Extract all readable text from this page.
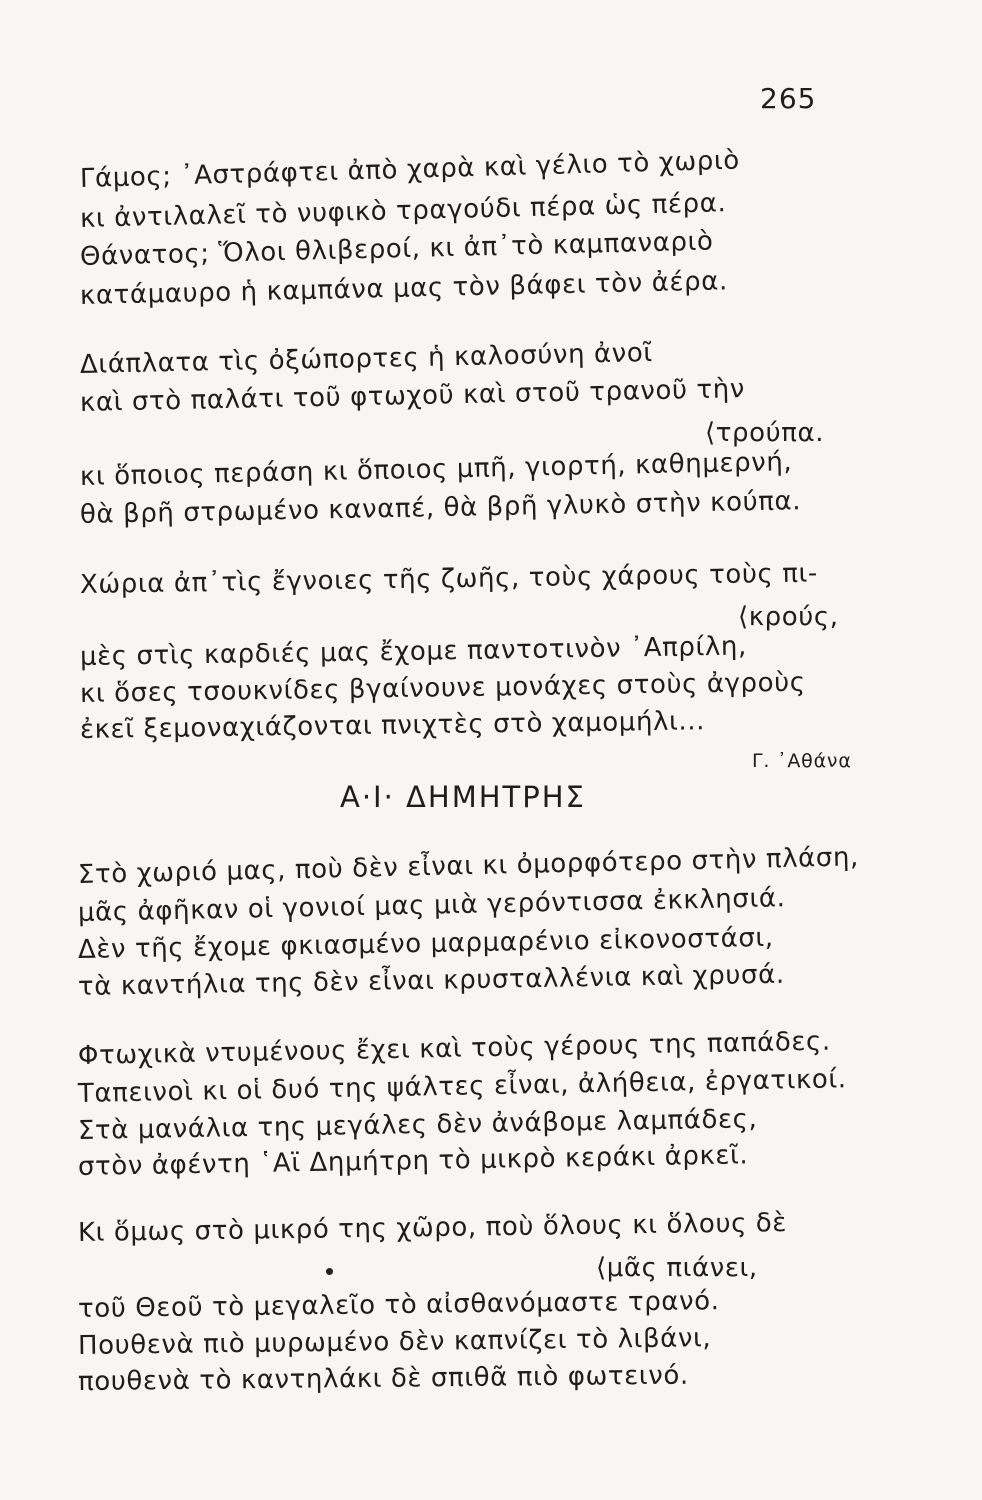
265
Γάμος; ᾿Αστράφτει ἀπὸ χαρὰ καὶ γέλιο τὸ χωριὸ
κι ἀντιλαλεῖ τὸ νυφικὸ τραγούδι πέρα ὡς πέρα.
Θάνατος; Ὅλοι θλιβεροί, κι ἀπ᾿τὸ καμπαναριὸ
κατάμαυρο ἡ καμπάνα μας τὸν βάφει τὸν ἀέρα.
Διάπλατα τὶς ὀξώπορτες ἡ καλοσύνη ἀνοῖ
καὶ στὸ παλάτι τοῦ φτωχοῦ καὶ στοῦ τρανοῦ τὴν
⟨τρούπα.
κι ὅποιος περάση κι ὅποιος μπῆ, γιορτή, καθημερνή,
θὰ βρῆ στρωμένο καναπέ, θὰ βρῆ γλυκὸ στὴν κούπα.
Χώρια ἀπ᾿τὶς ἔγνοιες τῆς ζωῆς, τοὺς χάρους τοὺς πι-
⟨κρούς,
μὲς στὶς καρδιές μας ἔχομε παντοτινὸν ᾿Απρίλη,
κι ὅσες τσουκνίδες βγαίνουνε μονάχες στοὺς ἀγροὺς
ἐκεῖ ξεμοναχιάζονται πνιχτὲς στὸ χαμομήλι...
Γ. ᾿Αθάνα
Α·Ι· ΔΗΜΗΤΡΗΣ
Στὸ χωριό μας, ποὺ δὲν εἶναι κι ὀμορφότερο στὴν πλάση,
μᾶς ἀφῆκαν οἱ γονιοί μας μιὰ γερόντισσα ἐκκλησιά.
Δὲν τῆς ἔχομε φκιασμένο μαρμαρένιο εἰκονοστάσι,
τὰ καντήλια της δὲν εἶναι κρυσταλλένια καὶ χρυσά.
Φτωχικὰ ντυμένους ἔχει καὶ τοὺς γέρους της παπάδες.
Ταπεινοὶ κι οἱ δυό της ψάλτες εἶναι, ἀλήθεια, ἐργατικοί.
Στὰ μανάλια της μεγάλες δὲν ἀνάβομε λαμπάδες,
στὸν ἀφέντη ῾Αϊ Δημήτρη τὸ μικρὸ κεράκι ἀρκεῖ.
Κι ὅμως στὸ μικρό της χῶρο, ποὺ ὅλους κι ὅλους δὲ
⟨μᾶς πιάνει,
τοῦ Θεοῦ τὸ μεγαλεῖο τὸ αἰσθανόμαστε τρανό.
Πουθενὰ πιὸ μυρωμένο δὲν καπνίζει τὸ λιβάνι,
πουθενὰ τὸ καντηλάκι δὲ σπιθᾶ πιὸ φωτεινό.
